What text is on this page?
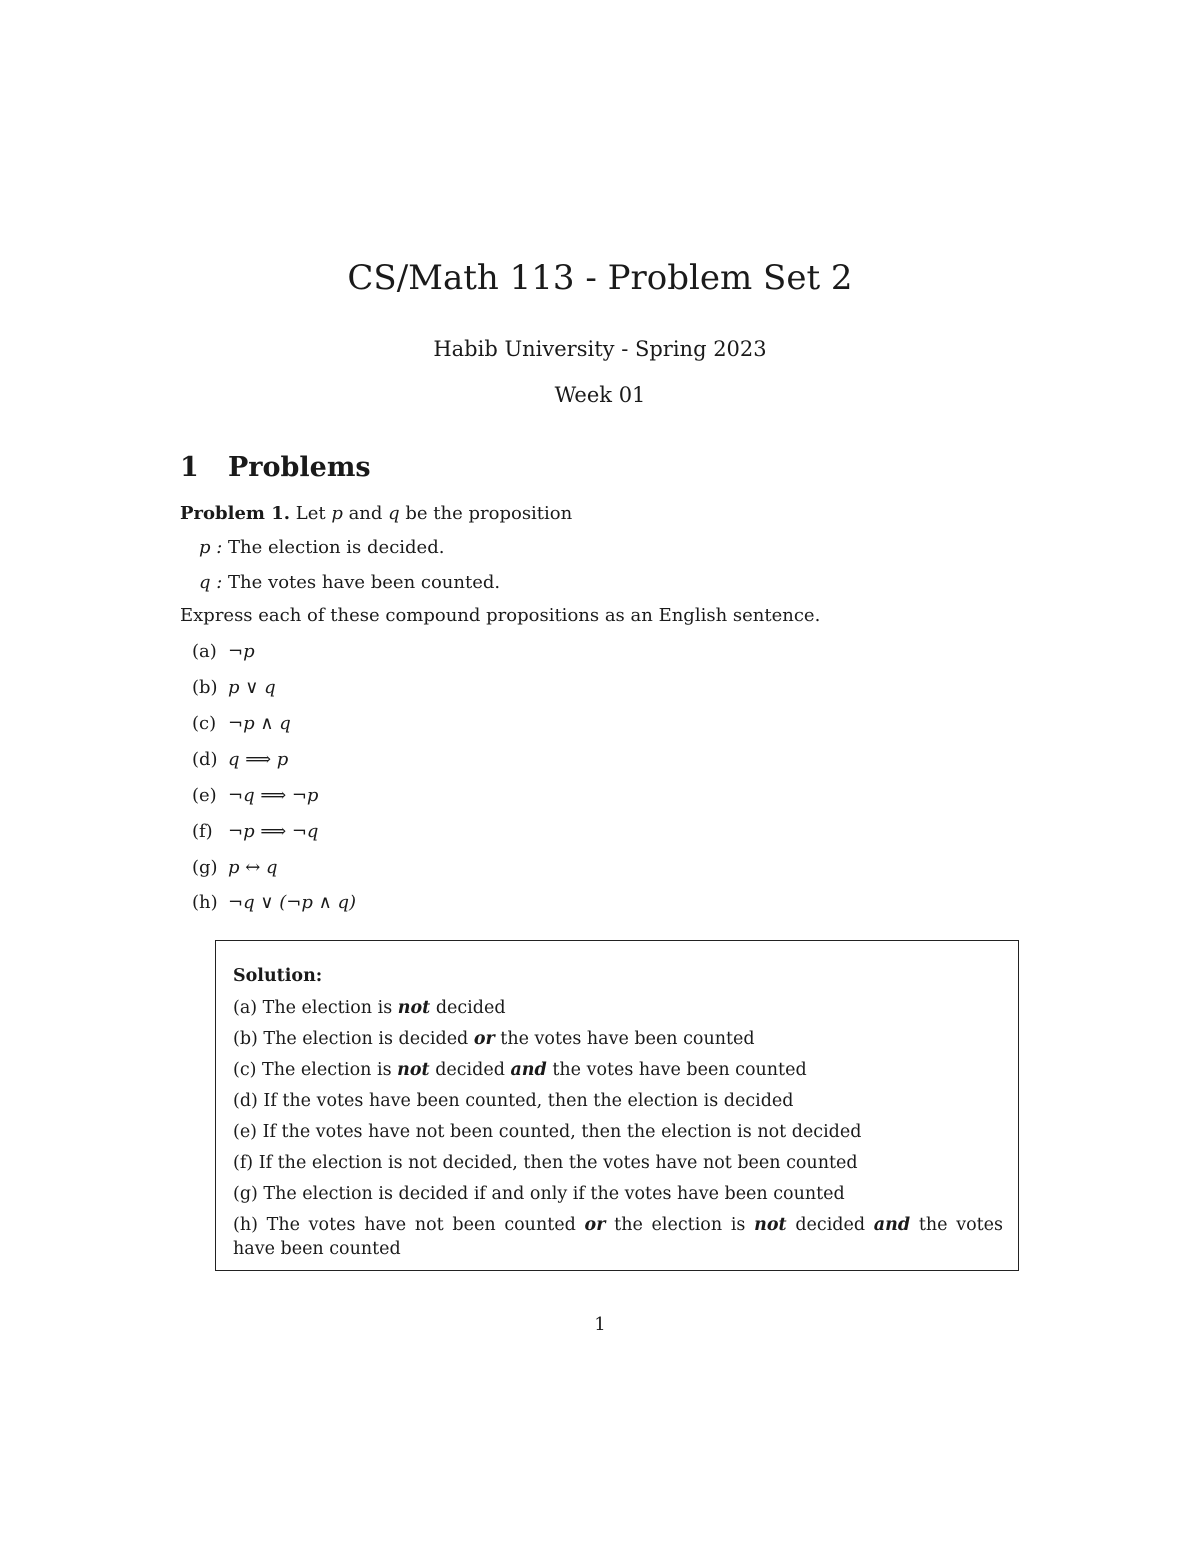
CS/Math 113 - Problem Set 2
Habib University - Spring 2023
Week 01
1 Problems
Problem 1. Let p and q be the proposition
p : The election is decided.
q : The votes have been counted.
Express each of these compound propositions as an English sentence.
(a) ¬p
(b) p ∨ q
(c) ¬p ∧ q
(d) q ⟹ p
(e) ¬q ⟹ ¬p
(f) ¬p ⟹ ¬q
(g) p ↔ q
(h) ¬q ∨ (¬p ∧ q)
Solution:
(a) The election is not decided
(b) The election is decided or the votes have been counted
(c) The election is not decided and the votes have been counted
(d) If the votes have been counted, then the election is decided
(e) If the votes have not been counted, then the election is not decided
(f) If the election is not decided, then the votes have not been counted
(g) The election is decided if and only if the votes have been counted
(h) The votes have not been counted or the election is not decided and the votes have been counted
1
